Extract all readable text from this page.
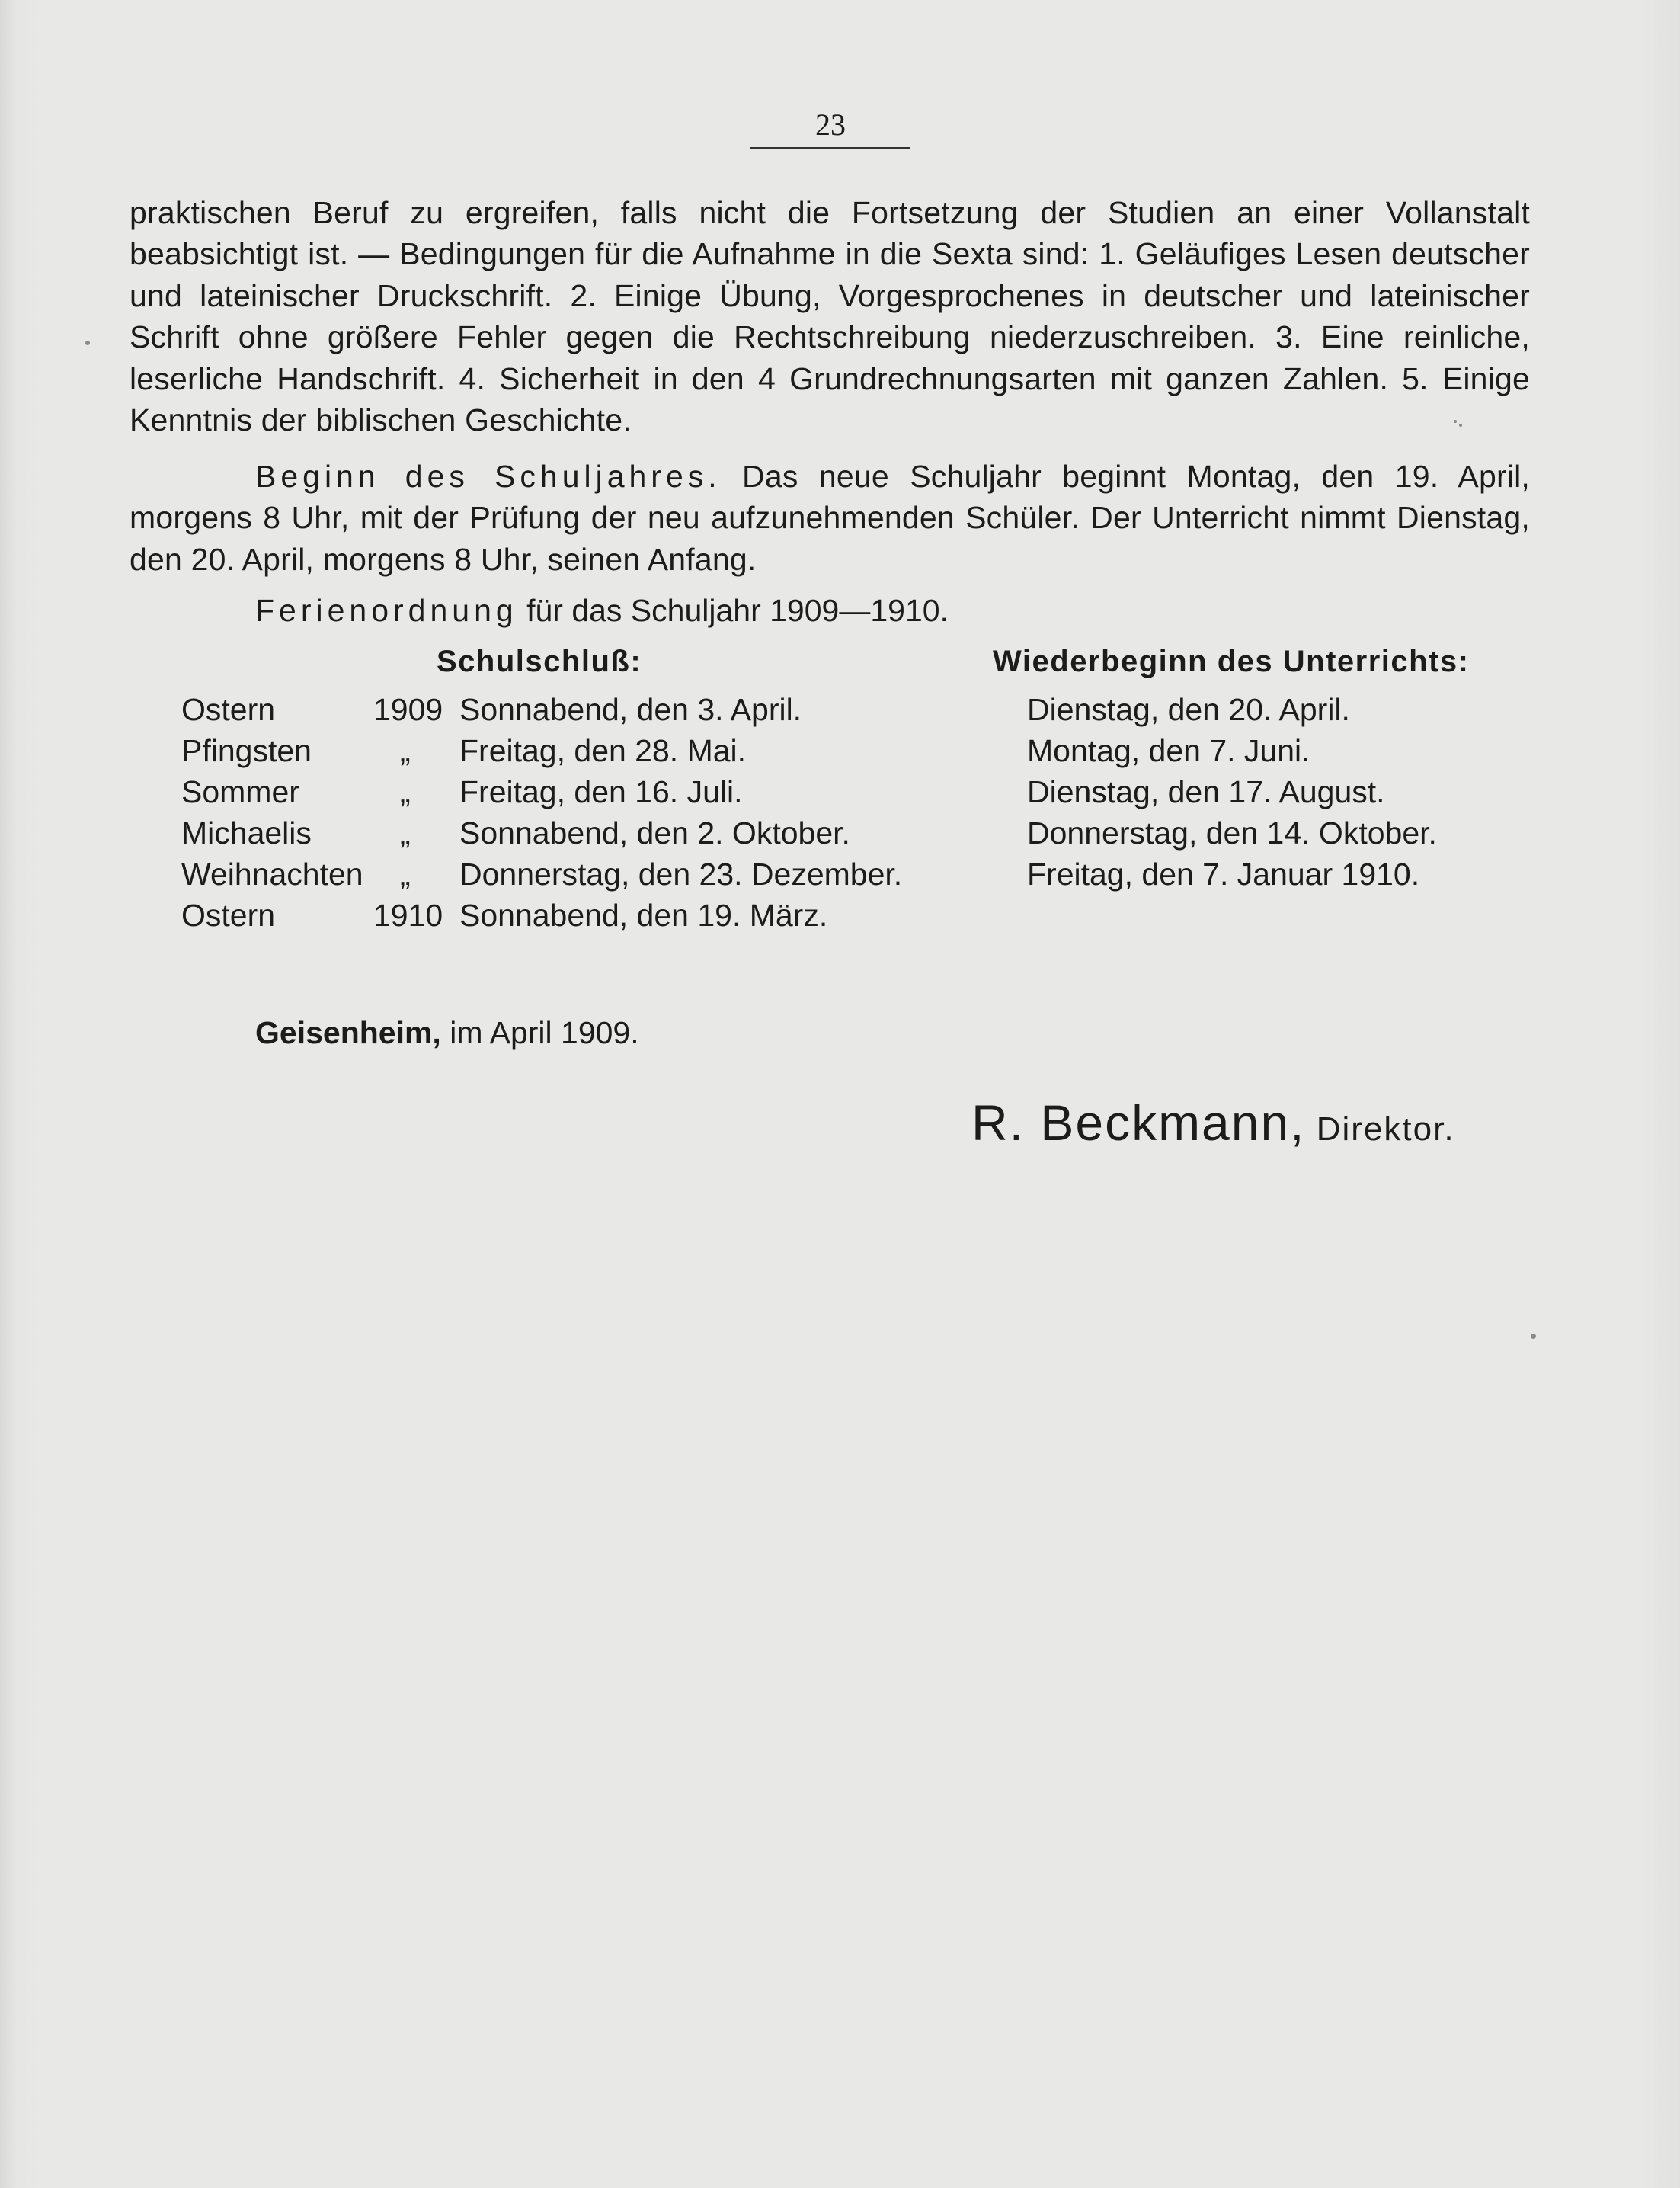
23

praktischen Beruf zu ergreifen, falls nicht die Fortsetzung der Studien an einer Vollanstalt beabsichtigt ist. — Bedingungen für die Aufnahme in die Sexta sind: 1. Geläufiges Lesen deutscher und lateinischer Druckschrift. 2. Einige Übung, Vorgesprochenes in deutscher und lateinischer Schrift ohne größere Fehler gegen die Rechtschreibung niederzuschreiben. 3. Eine reinliche, leserliche Handschrift. 4. Sicherheit in den 4 Grundrechnungsarten mit ganzen Zahlen. 5. Einige Kenntnis der biblischen Geschichte.

Beginn des Schuljahres. Das neue Schuljahr beginnt Montag, den 19. April, morgens 8 Uhr, mit der Prüfung der neu aufzunehmenden Schüler. Der Unterricht nimmt Dienstag, den 20. April, morgens 8 Uhr, seinen Anfang.

Ferienordnung für das Schuljahr 1909—1910.
Schulschluß:	Wiederbeginn des Unterrichts:
Ostern	1909 Sonnabend, den 3. April.	Dienstag, den 20. April.
Pfingsten	„ Freitag, den 28. Mai.	Montag, den 7. Juni.
Sommer	„ Freitag, den 16. Juli.	Dienstag, den 17. August.
Michaelis	„ Sonnabend, den 2. Oktober.	Donnerstag, den 14. Oktober.
Weihnachten „ Donnerstag, den 23. Dezember.	Freitag, den 7. Januar 1910.
Ostern	1910 Sonnabend, den 19. März.
Geisenheim, im April 1909.
R. Beckmann, Direktor.
